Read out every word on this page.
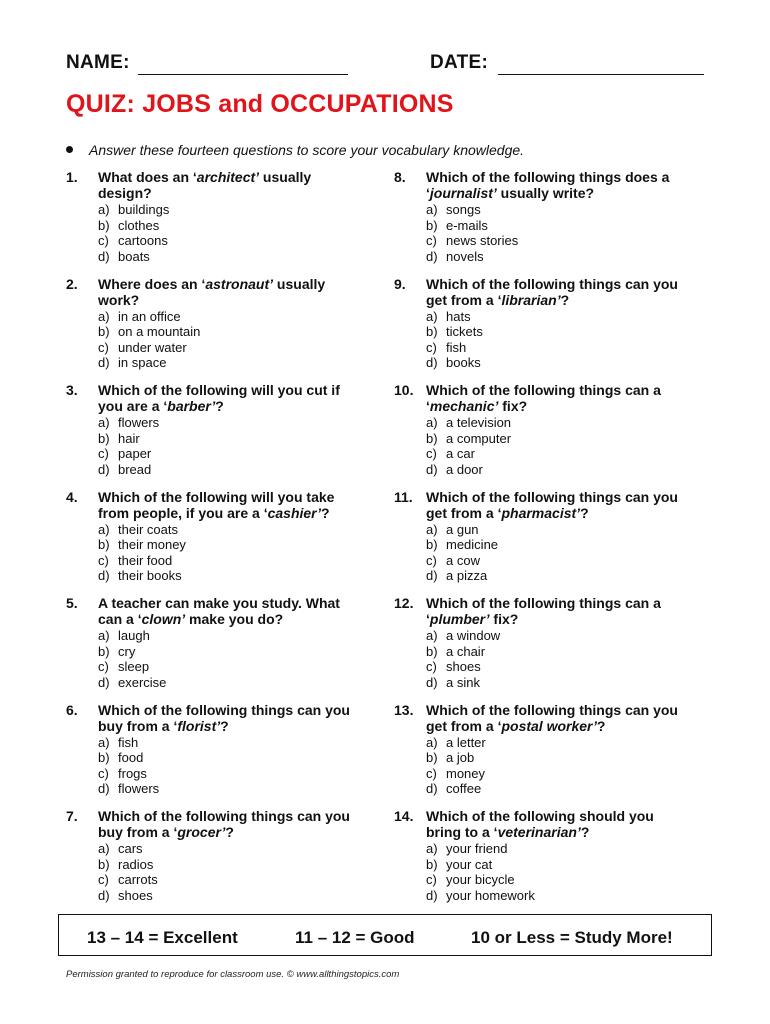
NAME:	DATE:
QUIZ: JOBS and OCCUPATIONS
Answer these fourteen questions to score your vocabulary knowledge.
1. What does an ‘architect’ usually design?
a) buildings
b) clothes
c) cartoons
d) boats
2. Where does an ‘astronaut’ usually work?
a) in an office
b) on a mountain
c) under water
d) in space
3. Which of the following will you cut if you are a ‘barber’?
a) flowers
b) hair
c) paper
d) bread
4. Which of the following will you take from people, if you are a ‘cashier’?
a) their coats
b) their money
c) their food
d) their books
5. A teacher can make you study. What can a ‘clown’ make you do?
a) laugh
b) cry
c) sleep
d) exercise
6. Which of the following things can you buy from a ‘florist’?
a) fish
b) food
c) frogs
d) flowers
7. Which of the following things can you buy from a ‘grocer’?
a) cars
b) radios
c) carrots
d) shoes
8. Which of the following things does a ‘journalist’ usually write?
a) songs
b) e-mails
c) news stories
d) novels
9. Which of the following things can you get from a ‘librarian’?
a) hats
b) tickets
c) fish
d) books
10. Which of the following things can a ‘mechanic’ fix?
a) a television
b) a computer
c) a car
d) a door
11. Which of the following things can you get from a ‘pharmacist’?
a) a gun
b) medicine
c) a cow
d) a pizza
12. Which of the following things can a ‘plumber’ fix?
a) a window
b) a chair
c) shoes
d) a sink
13. Which of the following things can you get from a ‘postal worker’?
a) a letter
b) a job
c) money
d) coffee
14. Which of the following should you bring to a ‘veterinarian’?
a) your friend
b) your cat
c) your bicycle
d) your homework
13 – 14 = Excellent	11 – 12 = Good	10 or Less = Study More!
Permission granted to reproduce for classroom use. © www.allthingstopics.com
